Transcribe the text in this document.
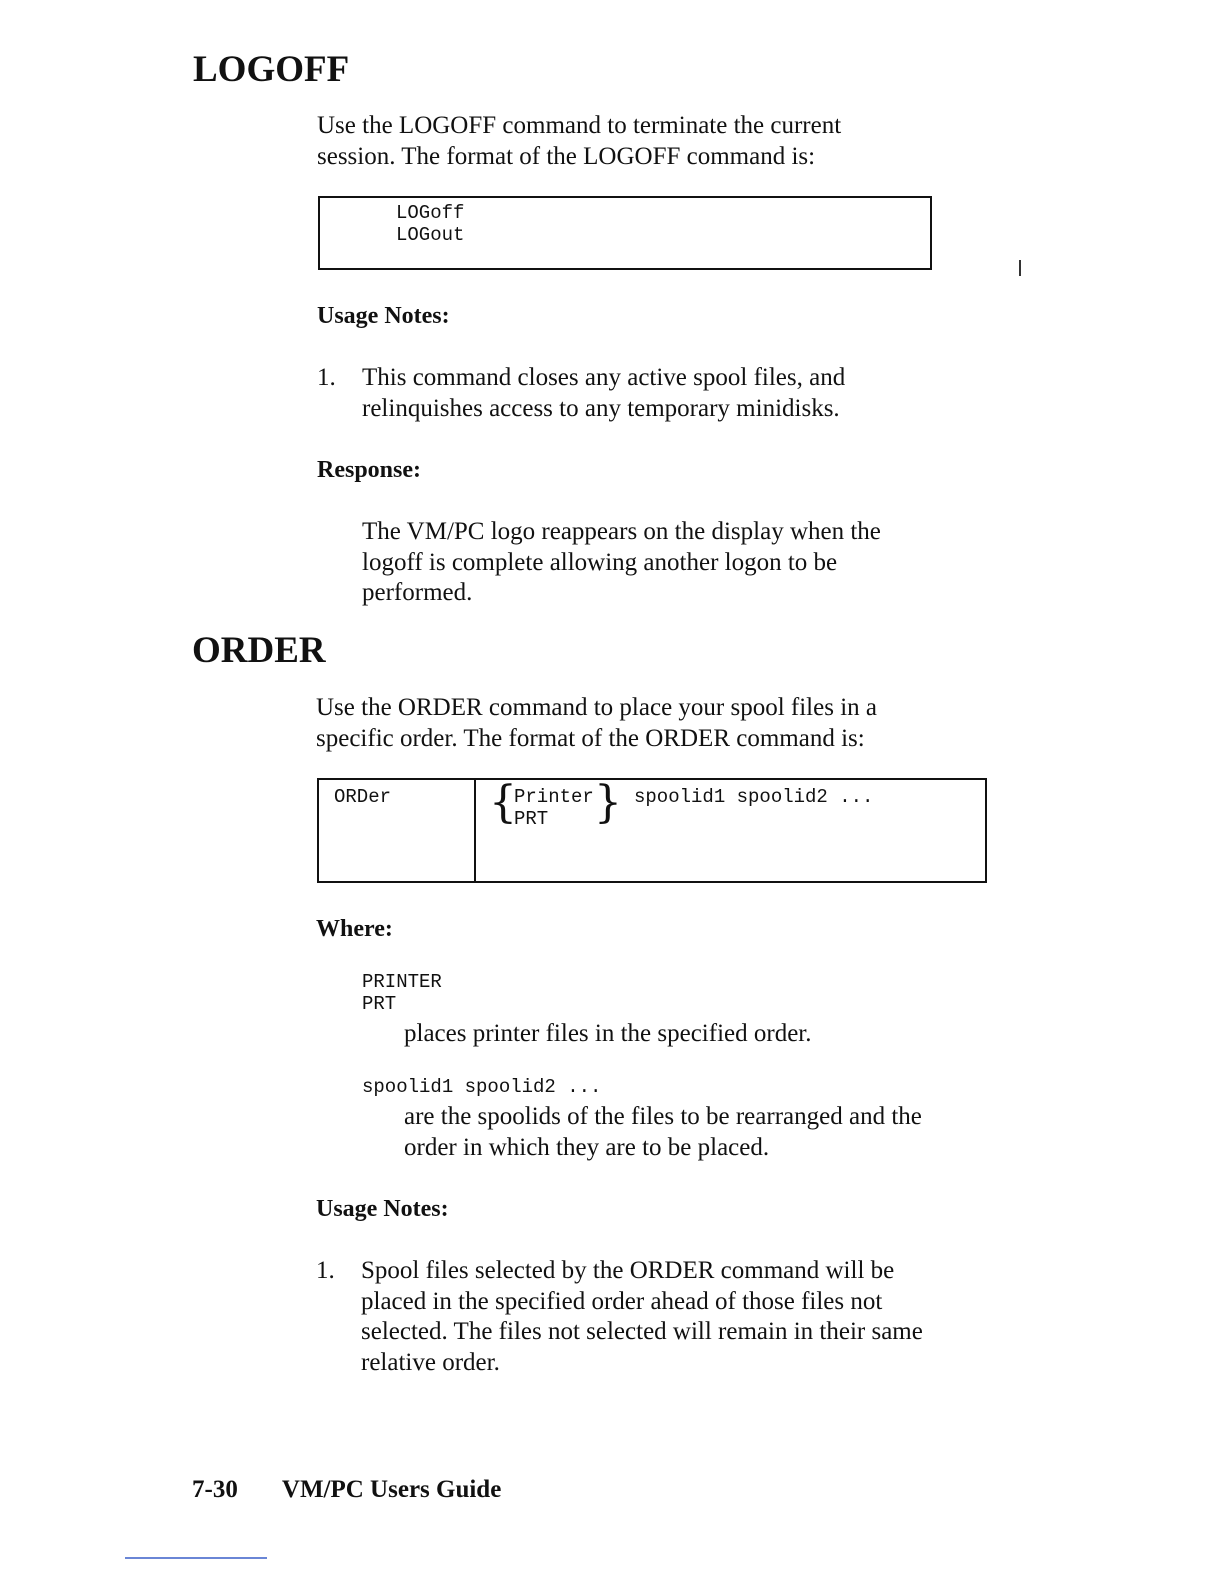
LOGOFF

Use the LOGOFF command to terminate the current

session. The format of the LOGOFF command is:

LOGoff

LOGout

Usage Notes:

1. This command closes any active spool files, and

relinquishes access to any temporary minidisks.

Response:

The VM/PC logo reappears on the display when the

logoff is complete allowing another logon to be

performed.

ORDER

Use the ORDER command to place your spool files in a

specific order. The format of the ORDER command is:

ORDer {

Printer

PRT } spoolid1 spoolid2 ...

Where:

PRINTER

PRT

places printer files in the specified order.

spoolid1 spoolid2 ...

are the spoolids of the files to be rearranged and the

order in which they are to be placed.

Usage Notes:

1. Spool files selected by the ORDER command will be

placed in the specified order ahead of those files not

selected. The files not selected will remain in their same

relative order.

7-30 VM/PC Users Guide
